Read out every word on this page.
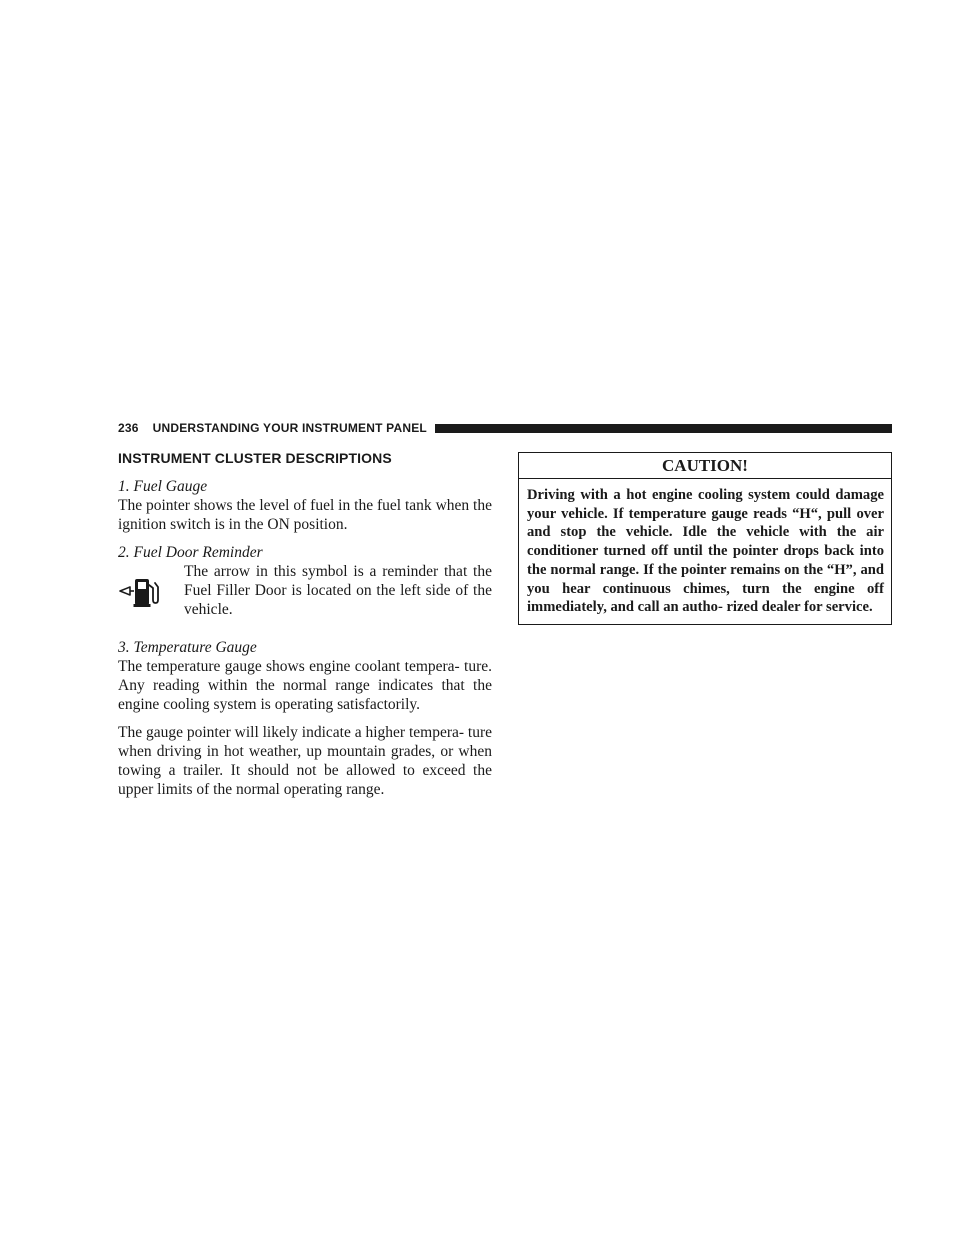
236 UNDERSTANDING YOUR INSTRUMENT PANEL
INSTRUMENT CLUSTER DESCRIPTIONS

1. Fuel Gauge

The pointer shows the level of fuel in the fuel tank when the ignition switch is in the ON position.

2. Fuel Door Reminder

The arrow in this symbol is a reminder that the Fuel Filler Door is located on the left side of the vehicle.

3. Temperature Gauge

The temperature gauge shows engine coolant tempera- ture. Any reading within the normal range indicates that the engine cooling system is operating satisfactorily.

The gauge pointer will likely indicate a higher tempera- ture when driving in hot weather, up mountain grades, or when towing a trailer. It should not be allowed to exceed the upper limits of the normal operating range.

CAUTION!
Driving with a hot engine cooling system could damage your vehicle. If temperature gauge reads “H“, pull over and stop the vehicle. Idle the vehicle with the air conditioner turned off until the pointer drops back into the normal range. If the pointer remains on the “H”, and you hear continuous chimes, turn the engine off immediately, and call an autho- rized dealer for service.
